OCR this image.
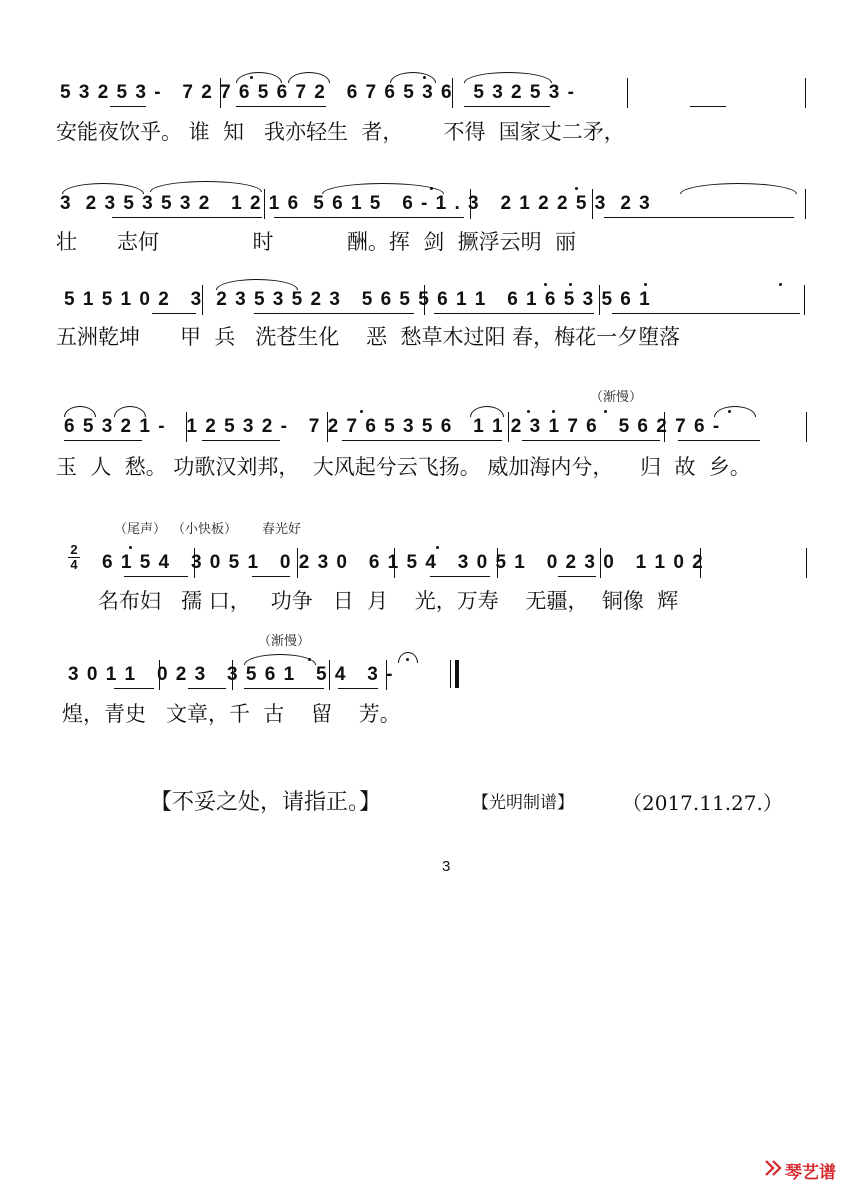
5 3 2 5 3 -   7 2 7 6 5 6 7 2   6 7 6 5 3 6   5 3 2 5 3 -
安能夜饮乎。 谁  知   我亦轻生  者，      不得  国家丈二矛，
3  2 3 5 3 5 3 2   1 2 1 6  5 6 1 5   6 - 1 . 3   2 1 2 2 5 3  2 3
壮      志何              时           酬。挥  剑  撅浮云明  丽
5 1 5 1 0 2   3  2 3 5 3 5 2 3   5 6 5 5 6 1 1   6 1 6 5 3 5 6 1
五洲乾坤      甲  兵   洗苍生化    恶  愁草木过阳 春，梅花一夕堕落
（渐慢）
6 5 3 2 1 -   1 2 5 3 2 -   7 2 7 6 5 3 5 6   1 1 2 3 1 7 6   5 6 2 7 6 -
玉  人  愁。 功歌汉刘邦，  大风起兮云飞扬。 威加海内兮，    归  故  乡。
（尾声） （小快板） 春光好
2
4 6 1 5 4   3 0 5 1   0 2 3 0   6 1 5 4   3 0 5 1   0 2 3 0   1 1 0 2
名布妇   孺 口，   功争   日  月    光，万寿    无疆，  铜像  辉
（渐慢）
3 0 1 1   0 2 3   3 5 6 1   5 4   3 -
煌，青史   文章，千  古    留    芳。
【不妥之处，请指正。】	【光明制谱】 （2017.11.27.）
3
琴艺谱
